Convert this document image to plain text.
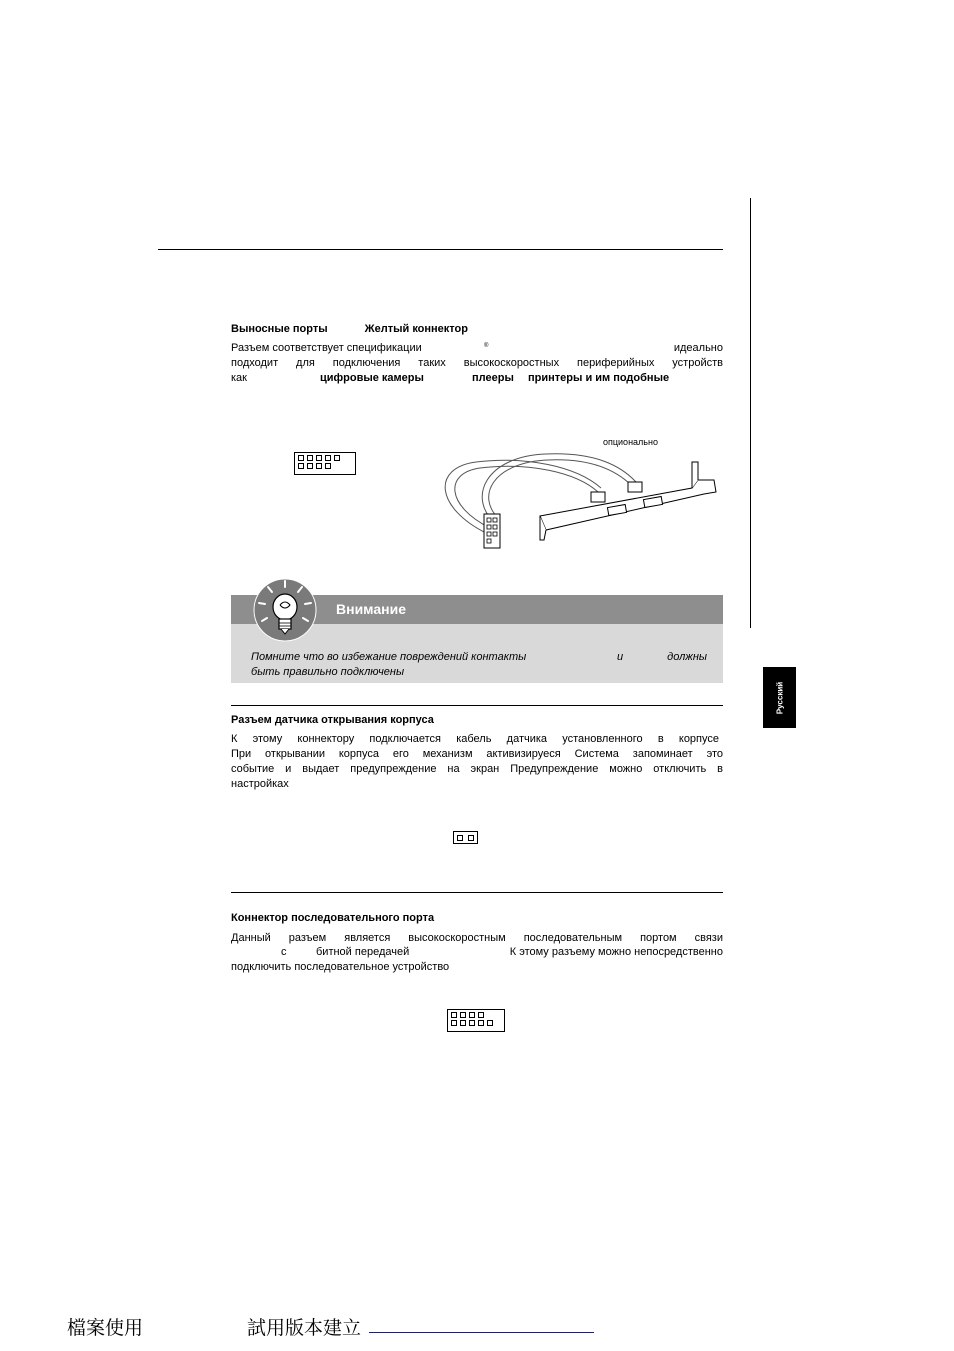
Выносные порты	Желтый коннектор
Разъем соответствует спецификации	®	идеально
подходит для подключения таких высокоскоростных периферийных устройств
как	цифровые камеры	плееры принтеры и им подобные
опционально
Внимание
Помните что во избежание повреждений контакты	и	должны
быть правильно подключены
Разъем датчика открывания корпуса
К этому коннектору подключается кабель датчика установленного в корпусе
При открывании корпуса его механизм активизируеся Система запоминает это
событие и выдает предупреждение на экран Предупреждение можно отключить в
настройках
Коннектор последовательного порта
Данный разъем является высокоскоростным последовательным портом связи
с	битной передачей	К этому разъему можно непосредственно
подключить последовательное устройство
Русский
檔案使用	試用版本建立
